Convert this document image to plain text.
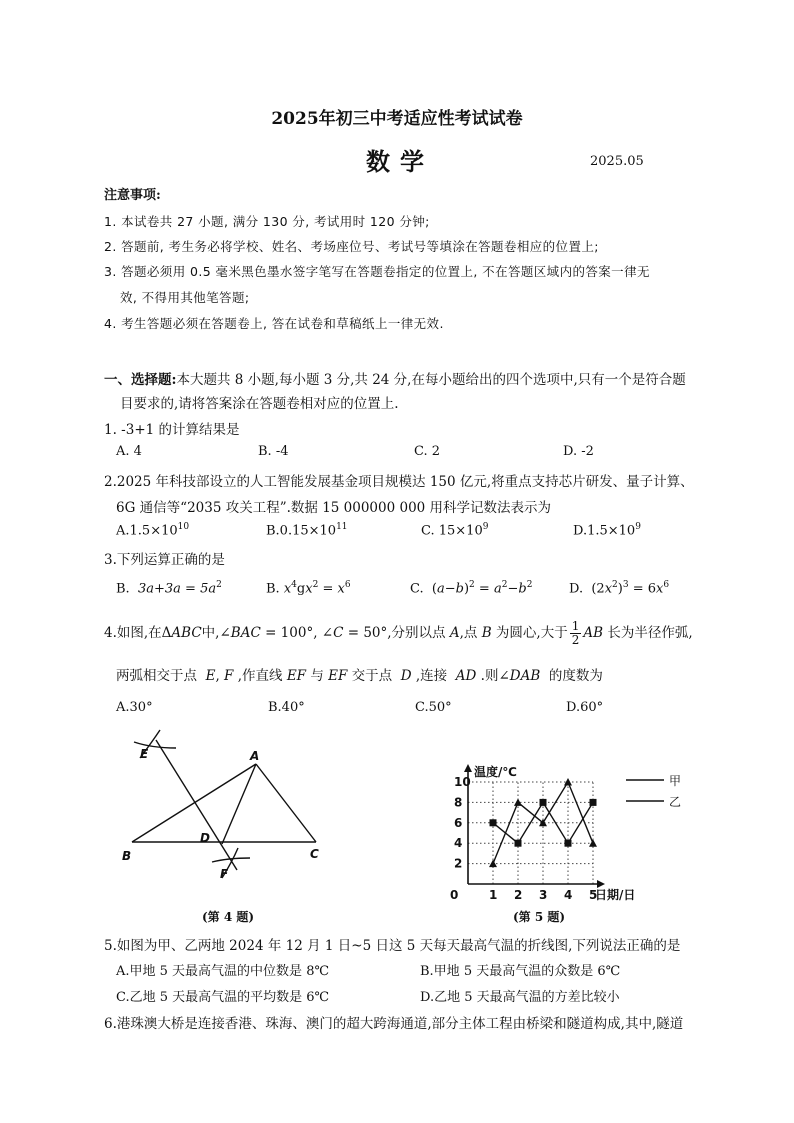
2025年初三中考适应性考试试卷
数学	2025.05
注意事项:
1. 本试卷共 27 小题, 满分 130 分, 考试用时 120 分钟;
2. 答题前, 考生务必将学校、姓名、考场座位号、考试号等填涂在答题卷相应的位置上;
3. 答题必须用 0.5 毫米黑色墨水签字笔写在答题卷指定的位置上, 不在答题区域内的答案一律无
效, 不得用其他笔答题;
4. 考生答题必须在答题卷上, 答在试卷和草稿纸上一律无效.
一、选择题:本大题共 8 小题,每小题 3 分,共 24 分,在每小题给出的四个选项中,只有一个是符合题
目要求的,请将答案涂在答题卷相对应的位置上.
1. -3+1 的计算结果是
A. 4	B. -4	C. 2	D. -2
2.2025 年科技部设立的人工智能发展基金项目规模达 150 亿元,将重点支持芯片研发、量子计算、
6G 通信等“2035 攻关工程”.数据 15 000000 000 用科学记数法表示为
$A.1.5\times 10^{10}$	$B.0.15\times 10^{11}$	C. $15\times 10^9$	$D.1.5\times 10^9$
3.下列运算正确的是
B. $3a+3a = 5a^2$	B. $x^4gx^2 = x^6$	C.  $(a-b)^2 = a^2-b^2$	D.  $(2x^2)^3 = 6x^6$
4.如图,在ΔABC中,∠BAC = 100°, ∠C = 50°,分别以点 A,点 B 为圆心,大于 $\frac{1}{2}$ AB 长为半径作弧,
两弧相交于点 E, F ,作直线 EF 与 EF 交于点 D ,连接 AD .则∠DAB 的度数为
A.30°	B.40°	C.50°	D.60°
E	A
D
B	C
F
(第 4 题)
2
4
6
8
10
1 2 3 4 5
0
温度/℃
日期/日
甲
乙
(第 5 题)
5.如图为甲、乙两地 2024 年 12 月 1 日~5 日这 5 天每天最高气温的折线图,下列说法正确的是
A.甲地 5 天最高气温的中位数是 8℃	B.甲地 5 天最高气温的众数是 6℃
C.乙地 5 天最高气温的平均数是 6℃	D.乙地 5 天最高气温的方差比较小
6.港珠澳大桥是连接香港、珠海、澳门的超大跨海通道,部分主体工程由桥梁和隧道构成,其中,隧道
